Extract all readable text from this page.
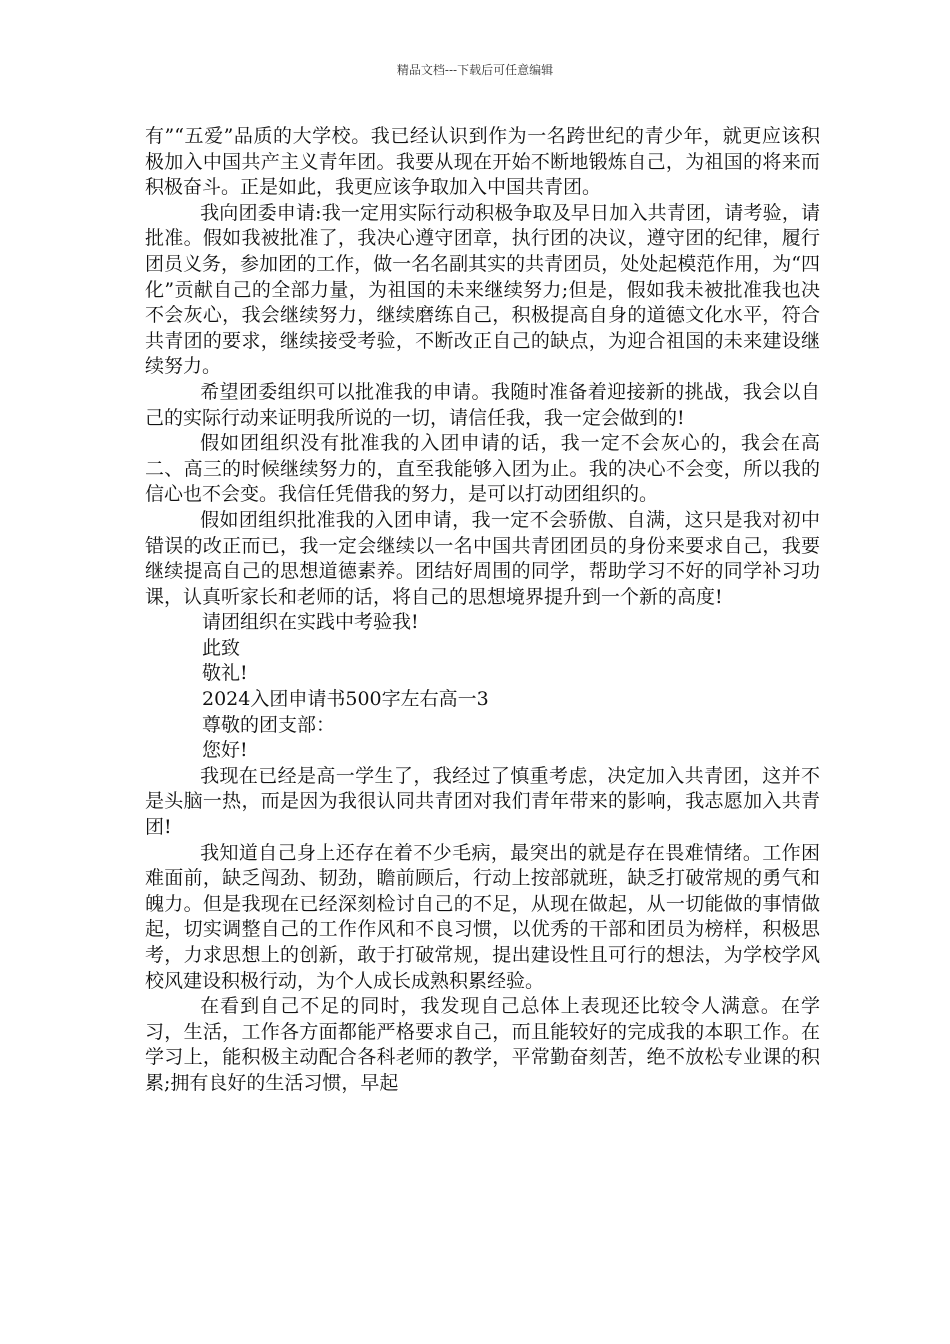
精品文档---下载后可任意编辑

有”“五爱”品质的大学校。我已经认识到作为一名跨世纪的青少年，就更应该积极加入中国共产主义青年团。我要从现在开始不断地锻炼自己，为祖国的将来而积极奋斗。正是如此，我更应该争取加入中国共青团。

我向团委申请:我一定用实际行动积极争取及早日加入共青团，请考验，请批准。假如我被批准了，我决心遵守团章，执行团的决议，遵守团的纪律，履行团员义务，参加团的工作，做一名名副其实的共青团员，处处起模范作用，为“四化”贡献自己的全部力量，为祖国的未来继续努力;但是，假如我未被批准我也决不会灰心，我会继续努力，继续磨练自己，积极提高自身的道德文化水平，符合共青团的要求，继续接受考验，不断改正自己的缺点，为迎合祖国的未来建设继续努力。

希望团委组织可以批准我的申请。我随时准备着迎接新的挑战，我会以自己的实际行动来证明我所说的一切，请信任我，我一定会做到的!

假如团组织没有批准我的入团申请的话，我一定不会灰心的，我会在高二、高三的时候继续努力的，直至我能够入团为止。我的决心不会变，所以我的信心也不会变。我信任凭借我的努力，是可以打动团组织的。

假如团组织批准我的入团申请，我一定不会骄傲、自满，这只是我对初中错误的改正而已，我一定会继续以一名中国共青团团员的身份来要求自己，我要继续提高自己的思想道德素养。团结好周围的同学，帮助学习不好的同学补习功课，认真听家长和老师的话，将自己的思想境界提升到一个新的高度!

请团组织在实践中考验我!

此致

敬礼!

2024入团申请书500字左右高一3

尊敬的团支部：

您好!

我现在已经是高一学生了，我经过了慎重考虑，决定加入共青团，这并不是头脑一热，而是因为我很认同共青团对我们青年带来的影响，我志愿加入共青团!

我知道自己身上还存在着不少毛病，最突出的就是存在畏难情绪。工作困难面前，缺乏闯劲、韧劲，瞻前顾后，行动上按部就班，缺乏打破常规的勇气和魄力。但是我现在已经深刻检讨自己的不足，从现在做起，从一切能做的事情做起，切实调整自己的工作作风和不良习惯，以优秀的干部和团员为榜样，积极思考，力求思想上的创新，敢于打破常规，提出建设性且可行的想法，为学校学风校风建设积极行动，为个人成长成熟积累经验。

在看到自己不足的同时，我发现自己总体上表现还比较令人满意。在学习，生活，工作各方面都能严格要求自己，而且能较好的完成我的本职工作。在学习上，能积极主动配合各科老师的教学，平常勤奋刻苦，绝不放松专业课的积累;拥有良好的生活习惯，早起
